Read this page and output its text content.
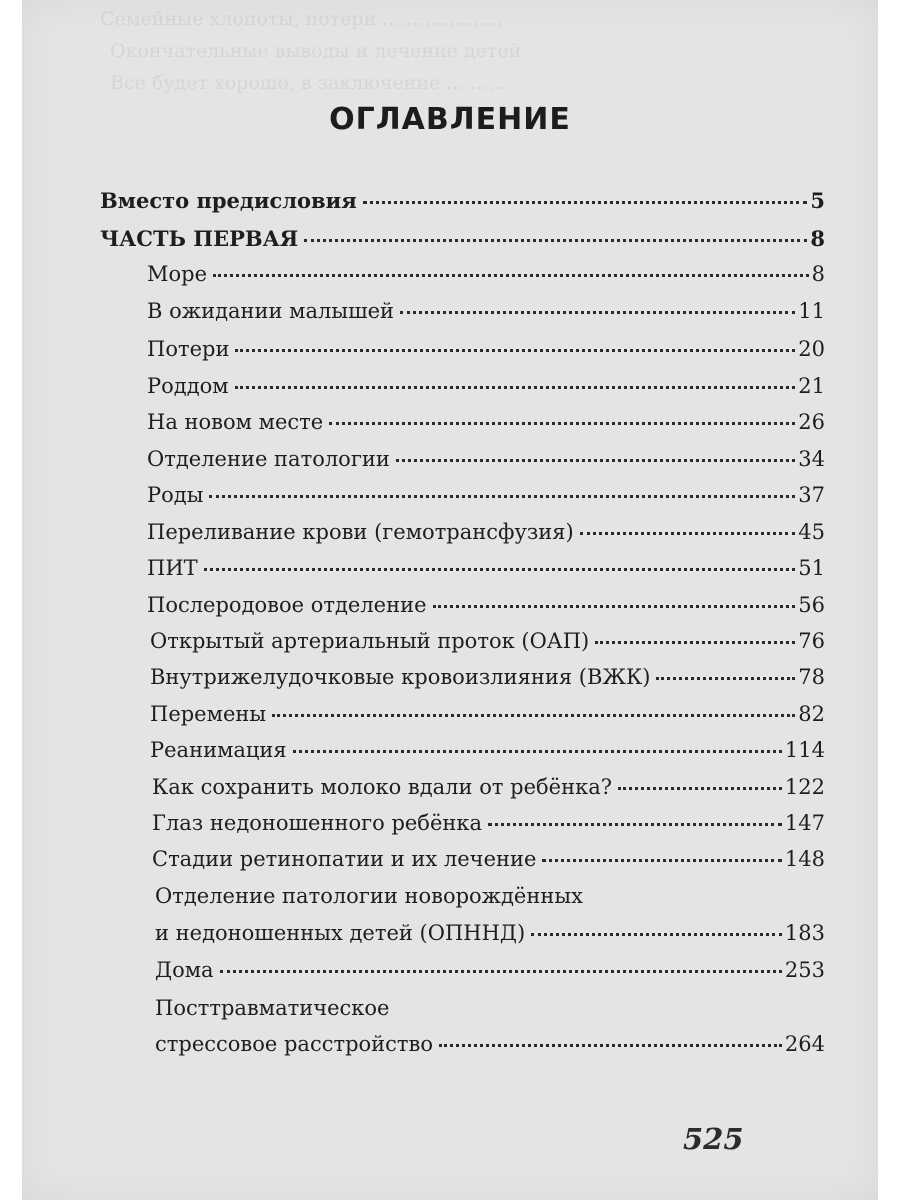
Семейные хлопоты, потери ....................
Окончательные выводы и лечение детей
Все будет хорошо, в заключение ..........
ОГЛАВЛЕНИЕ
Вместо предисловия	5
ЧАСТЬ ПЕРВАЯ	8
Море	8
В ожидании малышей	11
Потери	20
Роддом	21
На новом месте	26
Отделение патологии	34
Роды	37
Переливание крови (гемотрансфузия)	45
ПИТ	51
Послеродовое отделение	56
Открытый артериальный проток (ОАП)	76
Внутрижелудочковые кровоизлияния (ВЖК)	78
Перемены	82
Реанимация	114
Как сохранить молоко вдали от ребёнка?	122
Глаз недоношенного ребёнка	147
Стадии ретинопатии и их лечение	148
Отделение патологии новорождённых
и недоношенных детей (ОПННД)	183
Дома	253
Посттравматическое
стрессовое расстройство	264
525
